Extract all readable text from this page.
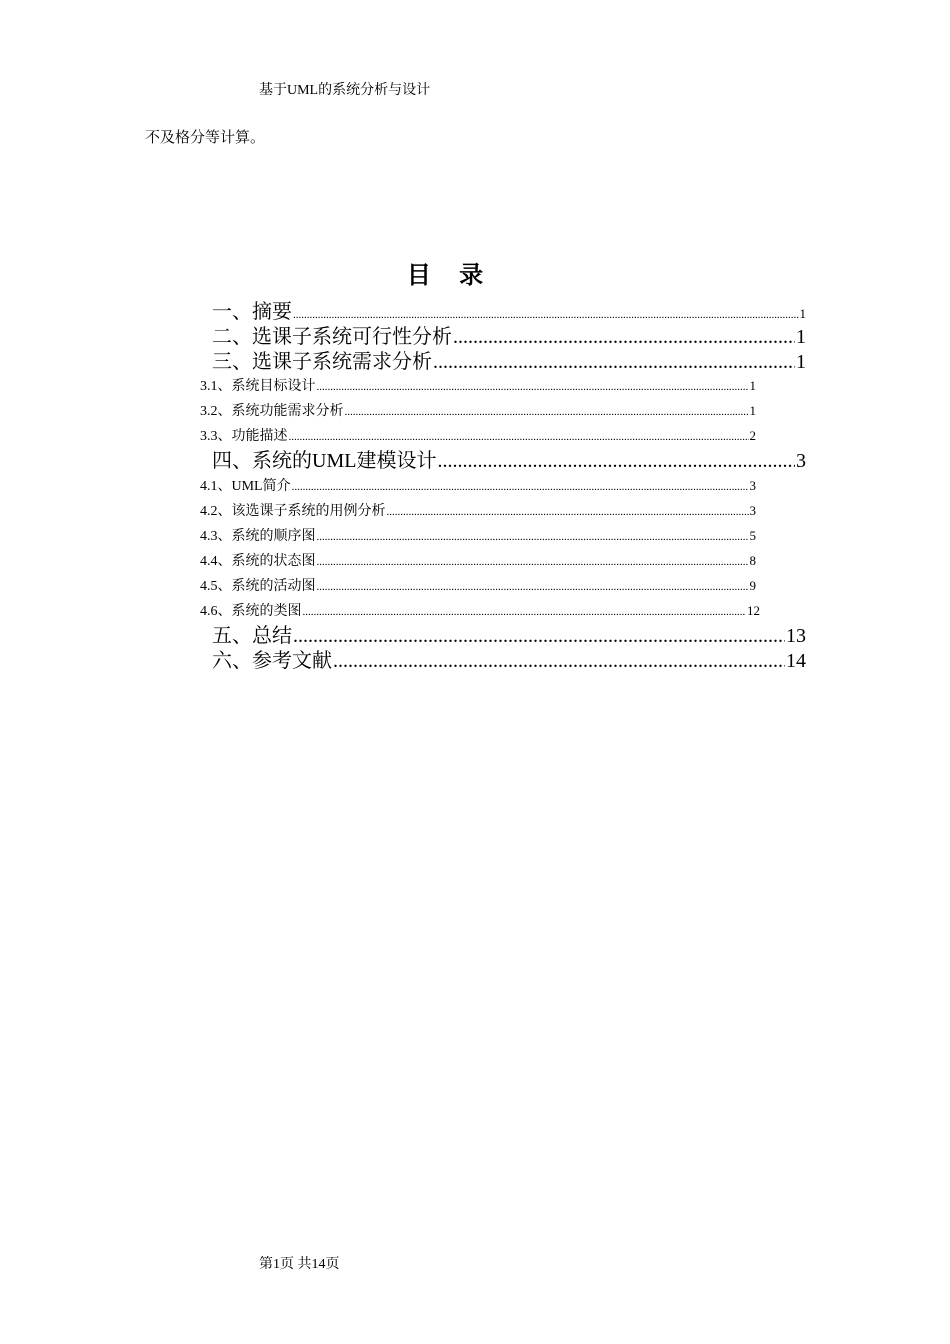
基于UML的系统分析与设计
不及格分等计算。
目 录
一、摘要 .....	1
二、选课子系统可行性分析 .....	1
三、选课子系统需求分析 .....	1
3.1、系统目标设计 .....	1
3.2、系统功能需求分析 .....	1
3.3、功能描述 .....	2
四、系统的UML建模设计 .....	3
4.1、UML简介 .....	3
4.2、该选课子系统的用例分析 .....	3
4.3、系统的顺序图 .....	5
4.4、系统的状态图 .....	8
4.5、系统的活动图 .....	9
4.6、系统的类图 .....	12
五、总结 .....	13
六、参考文献 .....	14
第1页 共14页
